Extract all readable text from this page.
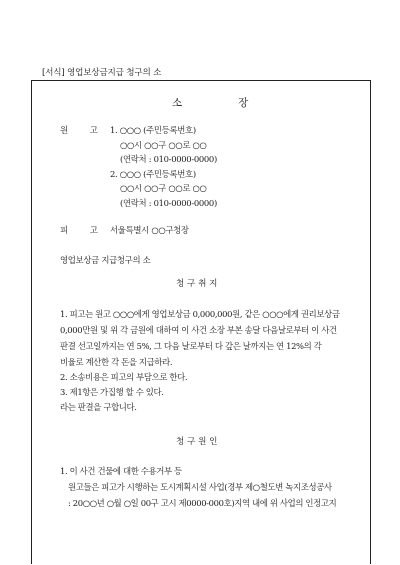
[서식] 영업보상금지급 청구의 소
소	장
원	고 1. ○○○ (주민등록번호)
○○시 ○○구 ○○로 ○○
(연락처 : 010-0000-0000)
2. ○○○ (주민등록번호)
○○시 ○○구 ○○로 ○○
(연락처 : 010-0000-0000)
피	고 서울특별시 ○○구청장
영업보상금 지급청구의 소
청 구 취 지
1. 피고는 원고 ○○○에게 영업보상금 0,000,000원, 같은 ○○○에게 권리보상금
0,000만원 및 위 각 금원에 대하여 이 사건 소장 부본 송달 다음날로부터 이 사건
판결 선고일까지는 연 5%, 그 다음 날로부터 다 갚은 날까지는 연 12%의 각
비율로 계산한 각 돈을 지급하라.
2. 소송비용은 피고의 부담으로 한다.
3. 제1항은 가집행 할 수 있다.
라는 판결을 구합니다.
청 구 원 인
1. 이 사건 건물에 대한 수용거부 등
원고들은 피고가 시행하는 도시계획시설 사업(경부 제○철도변 녹지조성공사
: 20○○년 ○월 ○일 00구 고시 제0000-000호)지역 내에 위 사업의 인정고지
